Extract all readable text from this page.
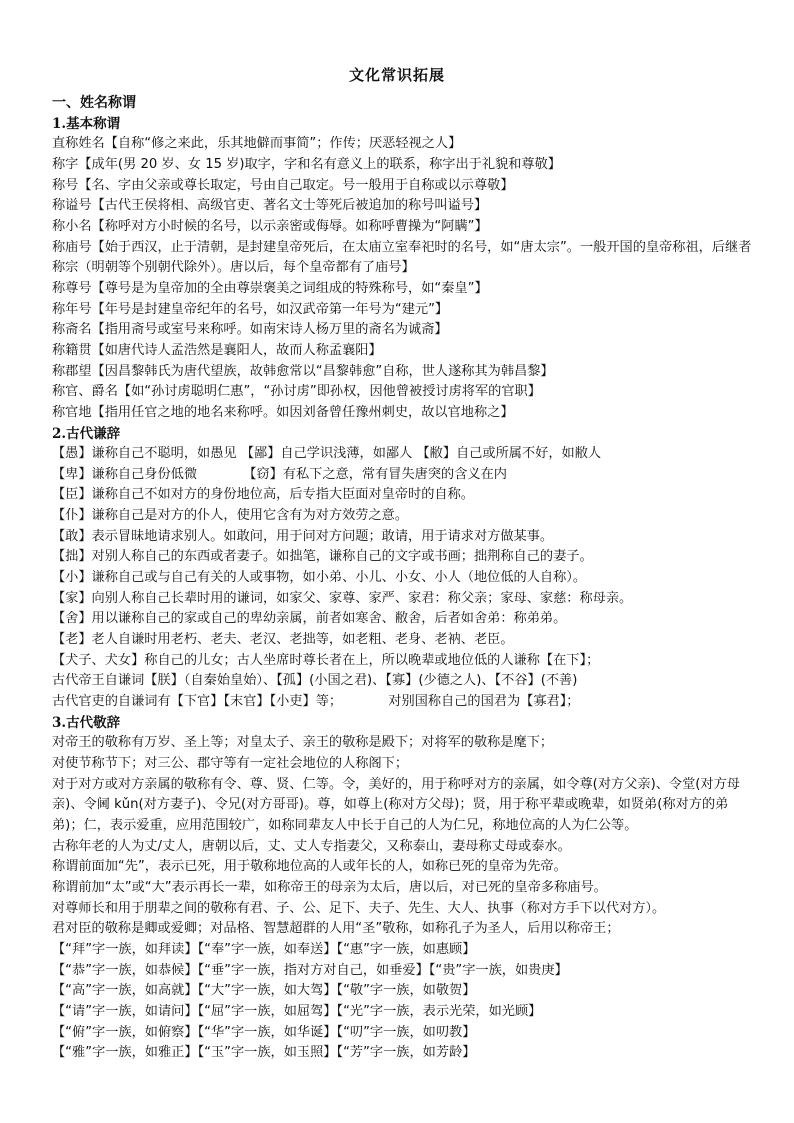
文化常识拓展
一、姓名称谓
1.基本称谓
直称姓名【自称“修之来此，乐其地僻而事简”；作传；厌恶轻视之人】
称字【成年(男 20 岁、女 15 岁)取字，字和名有意义上的联系，称字出于礼貌和尊敬】
称号【名、字由父亲或尊长取定，号由自己取定。号一般用于自称或以示尊敬】
称谥号【古代王侯将相、高级官吏、著名文士等死后被追加的称号叫谥号】
称小名【称呼对方小时候的名号，以示亲密或侮辱。如称呼曹操为“阿瞒”】
称庙号【始于西汉，止于清朝，是封建皇帝死后，在太庙立室奉祀时的名号，如“唐太宗”。一般开国的皇帝称祖，后继者称宗（明朝等个别朝代除外）。唐以后，每个皇帝都有了庙号】
称尊号【尊号是为皇帝加的全由尊崇褒美之词组成的特殊称号，如“秦皇”】
称年号【年号是封建皇帝纪年的名号，如汉武帝第一年号为“建元”】
称斋名【指用斋号或室号来称呼。如南宋诗人杨万里的斋名为诚斋】
称籍贯【如唐代诗人孟浩然是襄阳人，故而人称孟襄阳】
称郡望【因昌黎韩氏为唐代望族，故韩愈常以“昌黎韩愈”自称，世人遂称其为韩昌黎】
称官、爵名【如“孙讨虏聪明仁惠”，“孙讨虏”即孙权，因他曾被授讨虏将军的官职】
称官地【指用任官之地的地名来称呼。如因刘备曾任豫州刺史，故以官地称之】
2.古代谦辞
【愚】谦称自己不聪明，如愚见 【鄙】自己学识浅薄，如鄙人 【敝】自己或所属不好，如敝人
【卑】谦称自己身份低微　　　　【窃】有私下之意，常有冒失唐突的含义在内
【臣】谦称自己不如对方的身份地位高，后专指大臣面对皇帝时的自称。
【仆】谦称自己是对方的仆人，使用它含有为对方效劳之意。
【敢】表示冒昧地请求别人。如敢问，用于问对方问题；敢请，用于请求对方做某事。
【拙】对别人称自己的东西或者妻子。如拙笔，谦称自己的文字或书画；拙荆称自己的妻子。
【小】谦称自己或与自己有关的人或事物，如小弟、小儿、小女、小人（地位低的人自称）。
【家】向别人称自己长辈时用的谦词，如家父、家尊、家严、家君：称父亲；家母、家慈：称母亲。
【舍】用以谦称自己的家或自己的卑幼亲属，前者如寒舍、敝舍，后者如舍弟：称弟弟。
【老】老人自谦时用老朽、老夫、老汉、老拙等，如老粗、老身、老衲、老臣。
【犬子、犬女】称自己的儿女；古人坐席时尊长者在上，所以晚辈或地位低的人谦称【在下】；
古代帝王自谦词【朕】（自秦始皇始）、【孤】(小国之君)、【寡】(少德之人)、【不谷】(不善)
古代官吏的自谦词有【下官】【末官】【小吏】等；　　　　对别国称自己的国君为【寡君】；
3.古代敬辞
对帝王的敬称有万岁、圣上等；对皇太子、亲王的敬称是殿下；对将军的敬称是麾下；
对使节称节下；对三公、郡守等有一定社会地位的人称阁下；
对于对方或对方亲属的敬称有令、尊、贤、仁等。令，美好的，用于称呼对方的亲属，如令尊(对方父亲)、令堂(对方母亲)、令阃 kǔn(对方妻子)、令兄(对方哥哥)。尊，如尊上(称对方父母)；贤，用于称平辈或晚辈，如贤弟(称对方的弟弟)；仁，表示爱重，应用范围较广，如称同辈友人中长于自己的人为仁兄，称地位高的人为仁公等。
古称年老的人为丈/丈人，唐朝以后，丈、丈人专指妻父，又称泰山，妻母称丈母或泰水。
称谓前面加“先”，表示已死，用于敬称地位高的人或年长的人，如称已死的皇帝为先帝。
称谓前加“太”或“大”表示再长一辈，如称帝王的母亲为太后，唐以后，对已死的皇帝多称庙号。
对尊师长和用于朋辈之间的敬称有君、子、公、足下、夫子、先生、大人、执事（称对方手下以代对方）。
君对臣的敬称是卿或爱卿；对品格、智慧超群的人用“圣”敬称，如称孔子为圣人，后用以称帝王；
【“拜”字一族，如拜读】【“奉”字一族，如奉送】【“惠”字一族，如惠顾】
【“恭”字一族，如恭候】【“垂”字一族，指对方对自己，如垂爱】【“贵”字一族，如贵庚】
【“高”字一族，如高就】【“大”字一族，如大驾】【“敬”字一族，如敬贺】
【“请”字一族，如请问】【“屈”字一族，如屈驾】【“光”字一族，表示光荣，如光顾】
【“俯”字一族，如俯察】【“华”字一族，如华诞】【“叨”字一族，如叨教】
【“雅”字一族，如雅正】【“玉”字一族，如玉照】【“芳”字一族，如芳龄】
